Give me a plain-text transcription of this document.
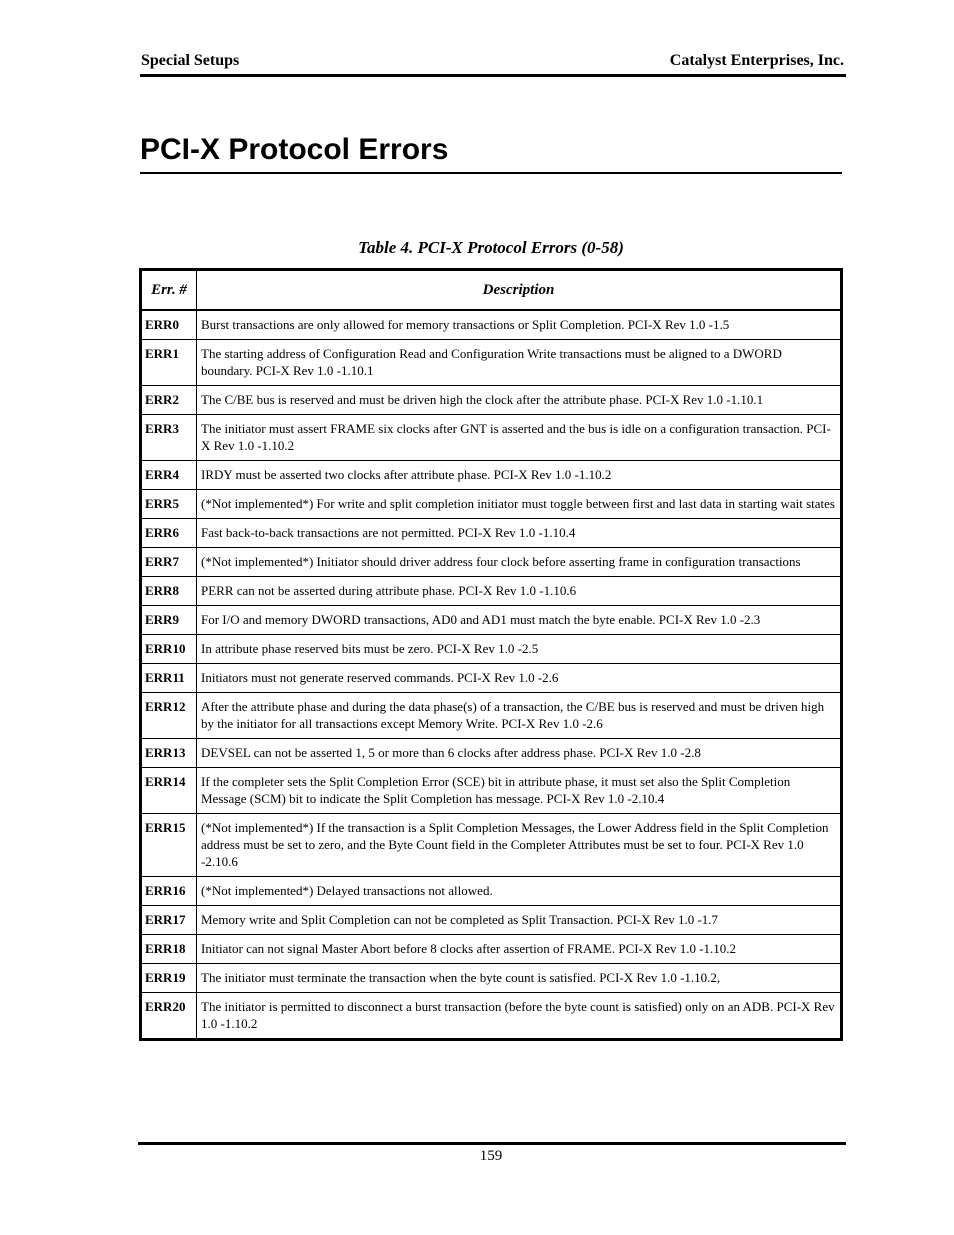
Special Setups	Catalyst Enterprises, Inc.
PCI-X Protocol Errors
Table 4. PCI-X Protocol Errors (0-58)
Err. #	Description
ERR0	Burst transactions are only allowed for memory transactions or Split Completion. PCI-X Rev 1.0 -1.5
ERR1	The starting address of Configuration Read and Configuration Write transactions must be aligned to a DWORD boundary. PCI-X Rev 1.0 -1.10.1
ERR2	The C/BE bus is reserved and must be driven high the clock after the attribute phase. PCI-X Rev 1.0 -1.10.1
ERR3	The initiator must assert FRAME six clocks after GNT is asserted and the bus is idle on a configuration transaction. PCI-X Rev 1.0 -1.10.2
ERR4	IRDY must be asserted two clocks after attribute phase. PCI-X Rev 1.0 -1.10.2
ERR5	(*Not implemented*) For write and split completion initiator must toggle between first and last data in starting wait states
ERR6	Fast back-to-back transactions are not permitted. PCI-X Rev 1.0 -1.10.4
ERR7	(*Not implemented*) Initiator should driver address four clock before asserting frame in configuration transactions
ERR8	PERR can not be asserted during attribute phase. PCI-X Rev 1.0 -1.10.6
ERR9	For I/O and memory DWORD transactions, AD0 and AD1 must match the byte enable. PCI-X Rev 1.0 -2.3
ERR10	In attribute phase reserved bits must be zero. PCI-X Rev 1.0 -2.5
ERR11	Initiators must not generate reserved commands. PCI-X Rev 1.0 -2.6
ERR12	After the attribute phase and during the data phase(s) of a transaction, the C/BE bus is reserved and must be driven high by the initiator for all transactions except Memory Write. PCI-X Rev 1.0 -2.6
ERR13	DEVSEL can not be asserted 1, 5 or more than 6 clocks after address phase. PCI-X Rev 1.0 -2.8
ERR14	If the completer sets the Split Completion Error (SCE) bit in attribute phase, it must set also the Split Completion Message (SCM) bit to indicate the Split Completion has message. PCI-X Rev 1.0 -2.10.4
ERR15	(*Not implemented*) If the transaction is a Split Completion Messages, the Lower Address field in the Split Completion address must be set to zero, and the Byte Count field in the Completer Attributes must be set to four. PCI-X Rev 1.0 -2.10.6
ERR16	(*Not implemented*) Delayed transactions not allowed.
ERR17	Memory write and Split Completion can not be completed as Split Transaction. PCI-X Rev 1.0 -1.7
ERR18	Initiator can not signal Master Abort before 8 clocks after assertion of FRAME. PCI-X Rev 1.0 -1.10.2
ERR19	The initiator must terminate the transaction when the byte count is satisfied. PCI-X Rev 1.0 -1.10.2,
ERR20	The initiator is permitted to disconnect a burst transaction (before the byte count is satisfied) only on an ADB. PCI-X Rev 1.0 -1.10.2
159
